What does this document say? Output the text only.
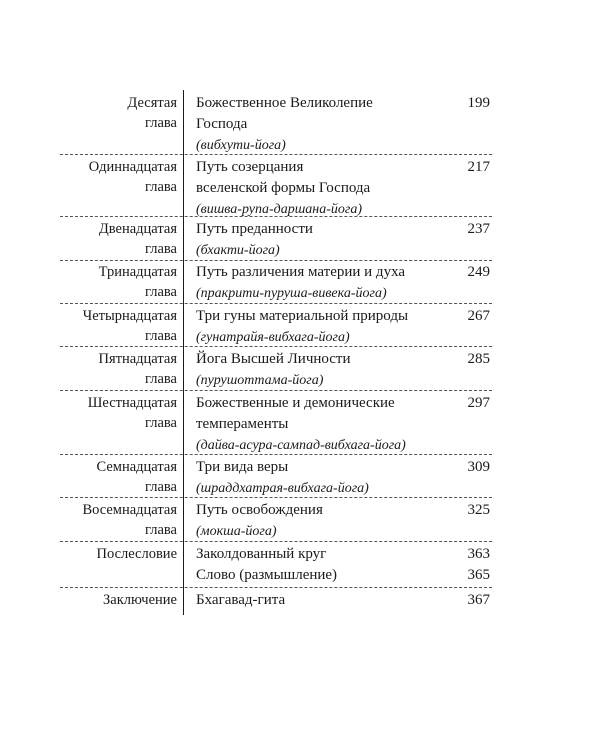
Десятая
глава
Божественное Великолепие
Господа
(вибхути-йога)
199
Одиннадцатая
глава
Путь созерцания
вселенской формы Господа
(вишва-рупа-даршана-йога)
217
Двенадцатая
глава
Путь преданности
(бхакти-йога)
237
Тринадцатая
глава
Путь различения материи и духа
(пракрити-пуруша-вивека-йога)
249
Четырнадцатая
глава
Три гуны материальной природы
(гунатрайя-вибхага-йога)
267
Пятнадцатая
глава
Йога Высшей Личности
(пурушоттама-йога)
285
Шестнадцатая
глава
Божественные и демонические
темпераменты
(дайва-асура-сампад-вибхага-йога)
297
Семнадцатая
глава
Три вида веры
(шраддхатрая-вибхага-йога)
309
Восемнадцатая
глава
Путь освобождения
(мокша-йога)
325
Послесловие Заколдованный круг
Слово (размышление)
363
365
Заключение Бхагавад-гита	367
